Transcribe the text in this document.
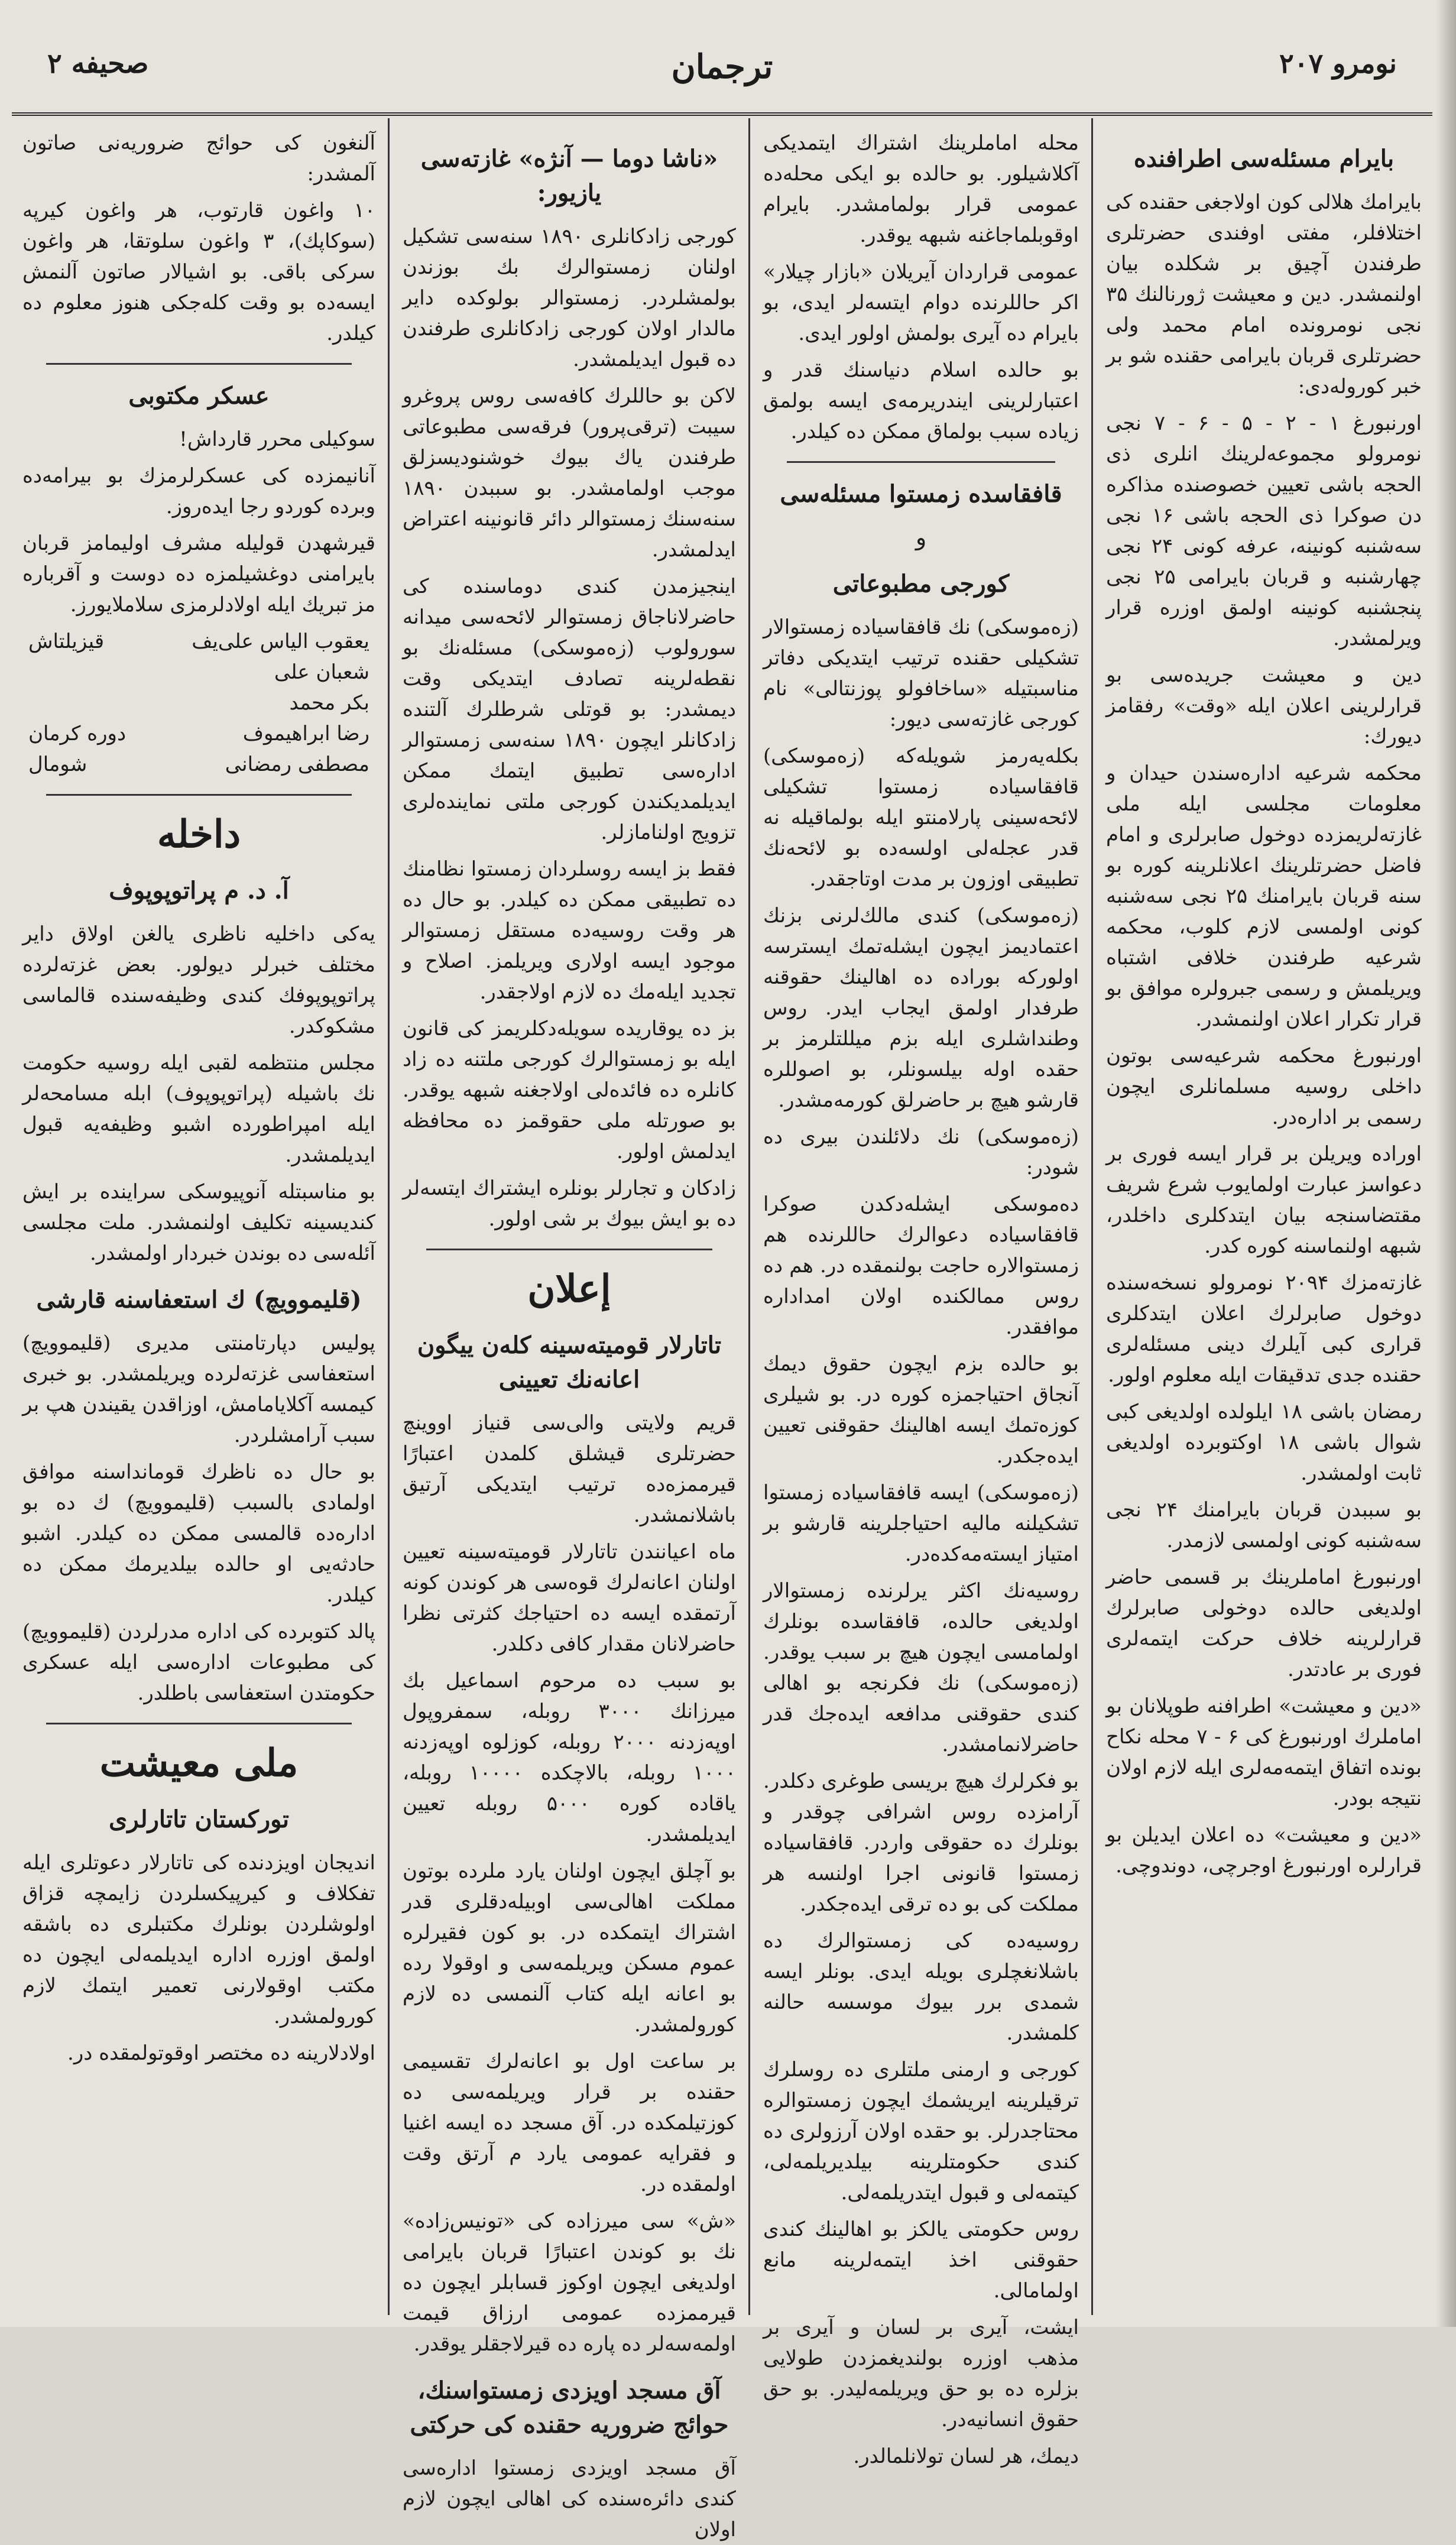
صحيفه ۲	ترجمان	نومرو ۲۰۷
بايرام مسئلەسى اطرافندە

بايرامك هلالى كون اولاجغى حقندە كى اختلافلر، مفتى اوفندى حضرتلرى طرفندن آچيق بر شكلدە بيان اولنمشدر. دين و معيشت ژورنالنك ۳۵ نجى نومرونده امام محمد ولى حضرتلرى قربان بايرامى حقندە شو بر خبر كوروله‌دى:

اورنبورغ ۱ - ۲ - ۵ - ۶ - ۷ نجى نومرولو مجموعه‌لرينك انلرى ذى الحجه باشى تعيين خصوصنده مذاكره دن صوكرا ذى الحجه باشى ۱۶ نجى سەشنبه كونينه، عرفه كونى ۲۴ نجى چهارشنبه و قربان بايرامى ۲۵ نجى پنجشنبه كونينه اولمق اوزرە قرار ويرلمشدر.

دين و معيشت جريدەسى بو قرارلرينى اعلان ايله «وقت» رفقامز ديورك:

محكمه شرعيه ادارەسندن حيدان و معلومات مجلسى ايله ملى غازته‌لريمزدە دوخول صابرلرى و امام فاضل حضرتلرينك اعلانلرينه كوره بو سنه قربان بايرامنك ۲۵ نجى سەشنبه كونى اولمسى لازم كلوب، محكمه شرعيه طرفندن خلافى اشتباه ويريلمش و رسمى جبرولرە موافق بو قرار تكرار اعلان اولنمشدر.

اورنبورغ محكمه شرعيەسى بوتون داخلى روسيە مسلمانلرى ايچون رسمى بر ادارەدر.

اورادە ويريلن بر قرار ايسە فورى بر دعواسز عبارت اولمايوب شرع شريف مقتضاسنجه بيان ايتدكلرى داخلدر، شبهه اولنماسنه كوره كدر.

غازته‌مزك ۲۰۹۴ نومرولو نسخه‌سنده دوخول صابرلرك اعلان ايتدكلرى قرارى كبى آيلرك دينى مسئله‌لرى حقنده جدى تدقيقات ايله معلوم اولور.

رمضان باشى ۱۸ ايلولدە اولديغى كبى شوال باشى ۱۸ اوكتوبرده اولديغى ثابت اولمشدر.

بو سببدن قربان بايرامنك ۲۴ نجى سەشنبه كونى اولمسى لازمدر.

اورنبورغ اماملرينك بر قسمى حاضر اولديغى حالدە دوخولى صابرلرك قرارلرينه خلاف حركت ايتمەلرى فورى بر عادتدر.

«دين و معيشت» اطرافنه طوپلانان بو اماملرك اورنبورغ كى ۶ - ۷ محله نكاح بونده اتفاق ايتمه‌مەلرى ايله لازم اولان نتيجه بودر.

«دين و معيشت» ده اعلان ايديلن بو قرارلره اورنبورغ اوجرچى، دوندوچى.

محله اماملرينك اشتراك ايتمديكى آكلاشيلور. بو حالدە بو ايكى محلەدە عمومى قرار بولمامشدر. بايرام اوقوبلماجاغنه شبهه يوقدر.

عمومى قراردان آيريلان «بازار چيلار» اكر حاللرنده دوام ايتسه‌لر ايدى، بو بايرام ده آيرى بولمش اولور ايدى.

بو حالدە اسلام دنياسنك قدر و اعتبارلرينى ايندريرمەى ايسه بولمق زيادە سبب بولماق ممكن ده كيلدر.

قافقاسده زمستوا مسئلەسى
و
كورجى مطبوعاتى

(زەموسكى) نك قافقاسياده زمستوالار تشكيلى حقنده ترتيب ايتديكى دفاتر مناسبتيله «ساخافولو پوزنتالى» نام كورجى غازته‌سى ديور:

بكلەيەرمز شويله‌كه (زەموسكى) قافقاسياده زمستوا تشكيلى لائحەسينى پارلامنتو ايله بولماقيله نه قدر عجلەلى اولسه‌دە بو لائحەنك تطبيقى اوزون بر مدت اوتاجقدر.

(زەموسكى) كندى مالك‌لرنى بزنك اعتماديمز ايچون ايشلەتمك ايسترسە اولوركه بوراده ده اهالينك حقوقنه طرفدار اولمق ايجاب ايدر. روس وطنداشلرى ايله بزم ميللتلرمز بر حقده اوله بيلسونلر، بو اصوللرە قارشو هيچ بر حاضرلق كورمەمشدر.

(زەموسكى) نك دلائلندن بيرى ده شودر:

دەموسكى ايشلەدكدن صوكرا قافقاسياده دعوالرك حاللرنده هم زمستوالاره حاجت بولنمقده در. هم ده روس ممالكنده اولان امداداره موافقدر.

بو حالده بزم ايچون حقوق ديمك آنجاق احتياجمزه كوره در. بو شيلرى كوزەتمك ايسه اهالينك حقوقنى تعيين ايدەجكدر.

(زەموسكى) ايسه قافقاسياده زمستوا تشكيلنه ماليه احتياجلرينه قارشو بر امتياز ايسته‌مەكدەدر.

روسيەنك اكثر يرلرنده زمستوالار اولديغى حالده، قافقاسده بونلرك اولمامسى ايچون هيچ بر سبب يوقدر. (زەموسكى) نك فكرنجه بو اهالى كندى حقوقنى مدافعه ايدەجك قدر حاضرلانمامشدر.

بو فكرلرك هيچ بريسى طوغرى دكلدر. آرامزده روس اشرافى چوقدر و بونلرك ده حقوقى واردر. قافقاسياده زمستوا قانونى اجرا اولنسه هر مملكت كى بو ده ترقى ايدەجكدر.

روسيەده كى زمستوالرك ده باشلانغچلرى بويله ايدى. بونلر ايسه شمدى برر بيوك موسسه حالنه كلمشدر.

كورجى و ارمنى ملتلرى ده روسلرك ترقيلرينه ايريشمك ايچون زمستوالره محتاجدرلر. بو حقده اولان آرزولرى ده كندى حكومتلرينه بيلديريلمەلى، كيتمەلى و قبول ايتدريلمەلى.

روس حكومتى يالكز بو اهالينك كندى حقوقنى اخذ ايتمەلرينه مانع اولمامالى.

ايشت، آيرى بر لسان و آيرى بر مذهب اوزرە بولنديغمزدن طولايى بزلره ده بو حق ويريلمەليدر. بو حق حقوق انسانيەدر.

ديمك، هر لسان تولانلمالدر.

«ناشا دوما — آنژه» غازته‌سى يازيور:

كورجى زادكانلرى ۱۸۹۰ سنه‌سى تشكيل اولنان زمستوالرك بك بوزندن بولمشلردر. زمستوالر بولوكده داير مالدار اولان كورجى زادكانلرى طرفندن ده قبول ايديلمشدر.

لاكن بو حاللرك كافه‌سى روس پروغرو سيبت (ترقى‌پرور) فرقەسى مطبوعاتى طرفندن ياك بيوك خوشنوديسزلق موجب اولمامشدر. بو سببدن ۱۸۹۰ سنه‌سنك زمستوالر دائر قانونينه اعتراض ايدلمشدر.

اينجيزمدن كندى دوماسنده كى حاضرلاناجاق زمستوالر لائحەسى ميدانه سورولوب (زەموسكى) مسئلەنك بو نقطه‌لرينه تصادف ايتديكى وقت ديمشدر: بو قوتلى شرطلرك آلتنده زادكانلر ايچون ۱۸۹۰ سنه‌سى زمستوالر اداره‌سى تطبيق ايتمك ممكن ايديلمديكندن كورجى ملتى نماينده‌لرى تزويج اولنامازلر.

فقط بز ايسه روسلردان زمستوا نظامنك ده تطبيقى ممكن ده كيلدر. بو حال ده هر وقت روسيەده مستقل زمستوالر موجود ايسه اولارى ويريلمز. اصلاح و تجديد ايلەمك ده لازم اولاجقدر.

بز ده يوقاريده سويله‌دكلريمز كى قانون ايله بو زمستوالرك كورجى ملتنه ده زاد كانلره ده فائده‌لى اولاجغنه شبهه يوقدر. بو صورتله ملى حقوقمز ده محافظه ايدلمش اولور.

زادكان و تجارلر بونلره ايشتراك ايتسه‌لر ده بو ايش بيوك بر شى اولور.

إعلان
تاتارلار قومیته‌سینه کلەن ییگون اعانەنك تعيينى

قريم ولايتى والى‌سى قنياز اووينچ حضرتلرى قيشلق كلمدن اعتبارًا قيرممزەده ترتيب ايتديكى آرتيق باشلانمشدر.

ماه اعيانندن تاتارلار قومیته‌سینه تعيين اولنان اعانه‌لرك قوه‌سى هر كوندن كونه آرتمقده ايسه ده احتياجك كثرتى نظرا حاضرلانان مقدار كافى دكلدر.

بو سبب ده مرحوم اسماعيل بك ميرزانك ۳۰۰۰ روبله، سمفروپول اوپه‌زدنه ۲۰۰۰ روبله، كوزلوه اوپه‌زدنه ۱۰۰۰ روبله، بالاچكده ۱۰۰۰۰ روبله، ياقاده كوره ۵۰۰۰ روبله تعيين ايديلمشدر.

بو آچلق ايچون اولنان يارد ملرده بوتون مملكت اهالى‌سى اوبيله‌دقلرى قدر اشتراك ايتمكده در. بو كون فقيرلره عموم مسكن ويريلمەسى و اوقولا رده بو اعانه ايله كتاب آلنمسى ده لازم كورولمشدر.

بر ساعت اول بو اعانه‌لرك تقسيمى حقنده بر قرار ويريلمەسى ده كوزتيلمكده در. آق مسجد دە ايسه اغنيا و فقرايه عمومى يارد م آرتق وقت اولمقده در.

«ش» سی ميرزاده كى «تونيس‌زاده» نك بو كوندن اعتبارًا قربان بايرامى اولديغى ايچون اوكوز قسابلر ايچون ده قيرممزده عمومى ارزاق قيمت اولمەسه‌لر ده پاره ده قيرلاجقلر يوقدر.

آق مسجد اويزدى زمستواسنك، حوائج ضروريه حقنده كى حركتى

آق مسجد اويزدى زمستوا اداره‌سى كندى دائره‌سنده كى اهالى ايچون لازم اولان

آلنغون كى حوائج ضروريه‌نى صاتون آلمشدر:

۱۰ واغون قارتوب، هر واغون كيرپه (سوكاپك)، ۳ واغون سلوتقا، هر واغون سركى باقى. بو اشيالار صاتون آلنمش ايسه‌ده بو وقت كله‌جكى هنوز معلوم ده كيلدر.

عسكر مكتوبى

سوكيلى محرر قارداش!

آنانيمزده كى عسكرلرمزك بو بيرامه‌دە وبرده كوردو رجا ايده‌روز.

قيرشهدن قوليله مشرف اوليمامز قربان بايرامنى دوغشيلمزه ده دوست و آقرباره مز تبريك ايله اولادلرمزى سلاملايورز.

يعقوب الياس علی‌يف
قيزيلتاش
شعبان على
بكر محمد
رضا ابراهيموف
دوره كرمان
مصطفى رمضانى
شومال
داخله
آ. د. م پراتوپوپوف

يەكى داخليه ناظرى يالغن اولاق داير مختلف خبرلر ديولور. بعض غزته‌لرده پراتوپوپوفك كندى وظيفه‌سنده قالماسى مشكوكدر.

مجلس منتظمه لقبى ايله روسيه حكومت نك باشيله (پراتوپوپوف) ابله مسامحه‌لر ايله امپراطورده اشبو وظيفه‌يه قبول ايديلمشدر.

بو مناسبتله آنوپيوسكى سراينده بر ايش كنديسينه تكليف اولنمشدر. ملت مجلسى آئله‌سى ده بوندن خبردار اولمشدر.

(قليموويچ) ك استعفاسنه قارشى

پوليس دپارتامنتى مديرى (قليموويچ) استعفاسى غزته‌لرده ويريلمشدر. بو خبرى كيمسه آكلايامامش، اوزاقدن يقيندن هپ بر سبب آرامشلردر.

بو حال ده ناظرك قومانداسنه موافق اولمادى بالسبب (قليموويچ) ك ده بو اداره‌ده قالمسى ممكن ده كيلدر. اشبو حادثه‌يى او حالده بيلديرمك ممكن ده كيلدر.

پالد كتوبرده كى اداره مدرلردن (قليموويچ) كى مطبوعات اداره‌سى ايله عسكرى حكومتدن استعفاسى باطلدر.

ملى معيشت
تورکستان تاتارلرى

اندیجان اويزدنده كى تاتارلار دعوتلرى ايله تفكلاف و كيرپيكسلردن زايمچه قزاق اولوشلردن بونلرك مكتبلرى ده باشقه اولمق اوزره اداره ايديلمەلى ايچون ده مكتب اوقولارنى تعمير ايتمك لازم كورولمشدر.

اولادلارينه ده مختصر اوقوتولمقده در.
